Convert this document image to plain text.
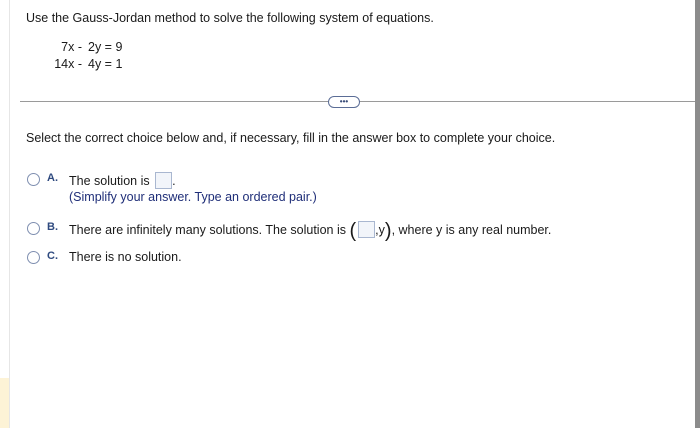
Use the Gauss-Jordan method to solve the following system of equations.
7x - 2y = 9
14x - 4y = 1
•••
Select the correct choice below and, if necessary, fill in the answer box to complete your choice.
A. The solution is .
(Simplify your answer. Type an ordered pair.)
B. There are infinitely many solutions. The solution is ( ,y), where y is any real number.
C. There is no solution.
